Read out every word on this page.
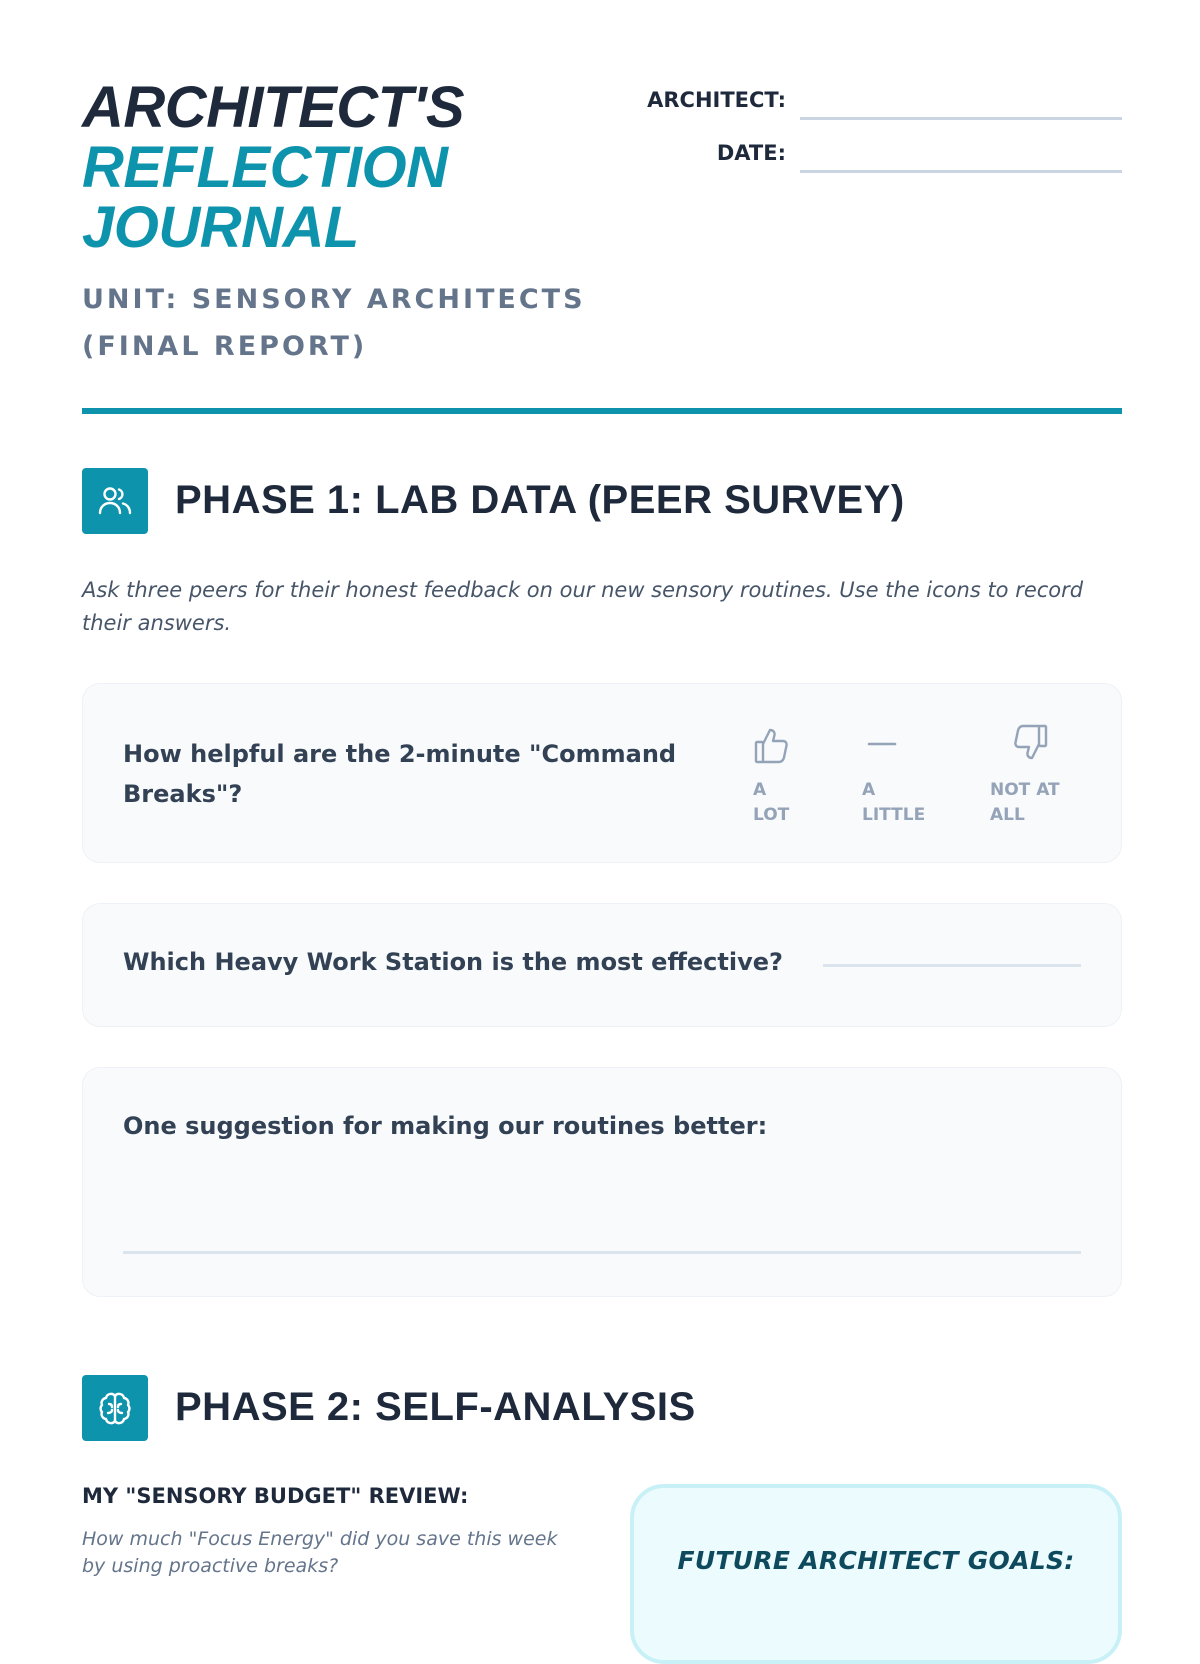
ARCHITECT'S
REFLECTION
JOURNAL
UNIT: SENSORY ARCHITECTS
(FINAL REPORT)
ARCHITECT:
DATE:
PHASE 1: LAB DATA (PEER SURVEY)
Ask three peers for their honest feedback on our new sensory routines. Use the icons to record their answers.
How helpful are the 2-minute "Command Breaks"?	A
LOT
A
LITTLE
NOT AT
ALL
Which Heavy Work Station is the most effective?
One suggestion for making our routines better:
PHASE 2: SELF-ANALYSIS
MY "SENSORY BUDGET" REVIEW:
How much "Focus Energy" did you save this week by using proactive breaks?	FUTURE ARCHITECT GOALS:
